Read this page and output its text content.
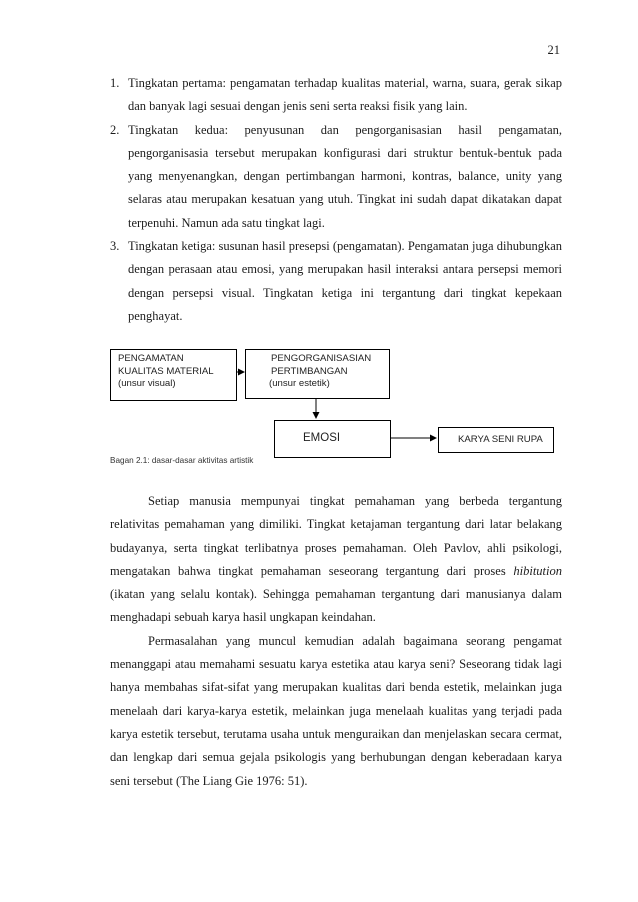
21

1. Tingkatan pertama: pengamatan terhadap kualitas material, warna, suara, gerak sikap dan banyak lagi sesuai dengan jenis seni serta reaksi fisik yang lain.

2. Tingkatan kedua: penyusunan dan pengorganisasian hasil pengamatan, pengorganisasia tersebut merupakan konfigurasi dari struktur bentuk-bentuk pada yang menyenangkan, dengan pertimbangan harmoni, kontras, balance, unity yang selaras atau merupakan kesatuan yang utuh. Tingkat ini sudah dapat dikatakan dapat terpenuhi. Namun ada satu tingkat lagi.

3. Tingkatan ketiga: susunan hasil presepsi (pengamatan). Pengamatan juga dihubungkan dengan perasaan atau emosi, yang merupakan hasil interaksi antara persepsi memori dengan persepsi visual. Tingkatan ketiga ini tergantung dari tingkat kepekaan penghayat.

PENGAMATAN
KUALITAS MATERIAL
(unsur visual)
PENGORGANISASIAN
PERTIMBANGAN
(unsur estetik)
EMOSI	KARYA SENI RUPA
Bagan 2.1: dasar-dasar aktivitas artistik

Setiap manusia mempunyai tingkat pemahaman yang berbeda tergantung relativitas pemahaman yang dimiliki. Tingkat ketajaman tergantung dari latar belakang budayanya, serta tingkat terlibatnya proses pemahaman. Oleh Pavlov, ahli psikologi, mengatakan bahwa tingkat pemahaman seseorang tergantung dari proses hibitution (ikatan yang selalu kontak). Sehingga pemahaman tergantung dari manusianya dalam menghadapi sebuah karya hasil ungkapan keindahan.

Permasalahan yang muncul kemudian adalah bagaimana seorang pengamat menanggapi atau memahami sesuatu karya estetika atau karya seni? Seseorang tidak lagi hanya membahas sifat-sifat yang merupakan kualitas dari benda estetik, melainkan juga menelaah dari karya-karya estetik, melainkan juga menelaah kualitas yang terjadi pada karya estetik tersebut, terutama usaha untuk menguraikan dan menjelaskan secara cermat, dan lengkap dari semua gejala psikologis yang berhubungan dengan keberadaan karya seni tersebut (The Liang Gie 1976: 51).
